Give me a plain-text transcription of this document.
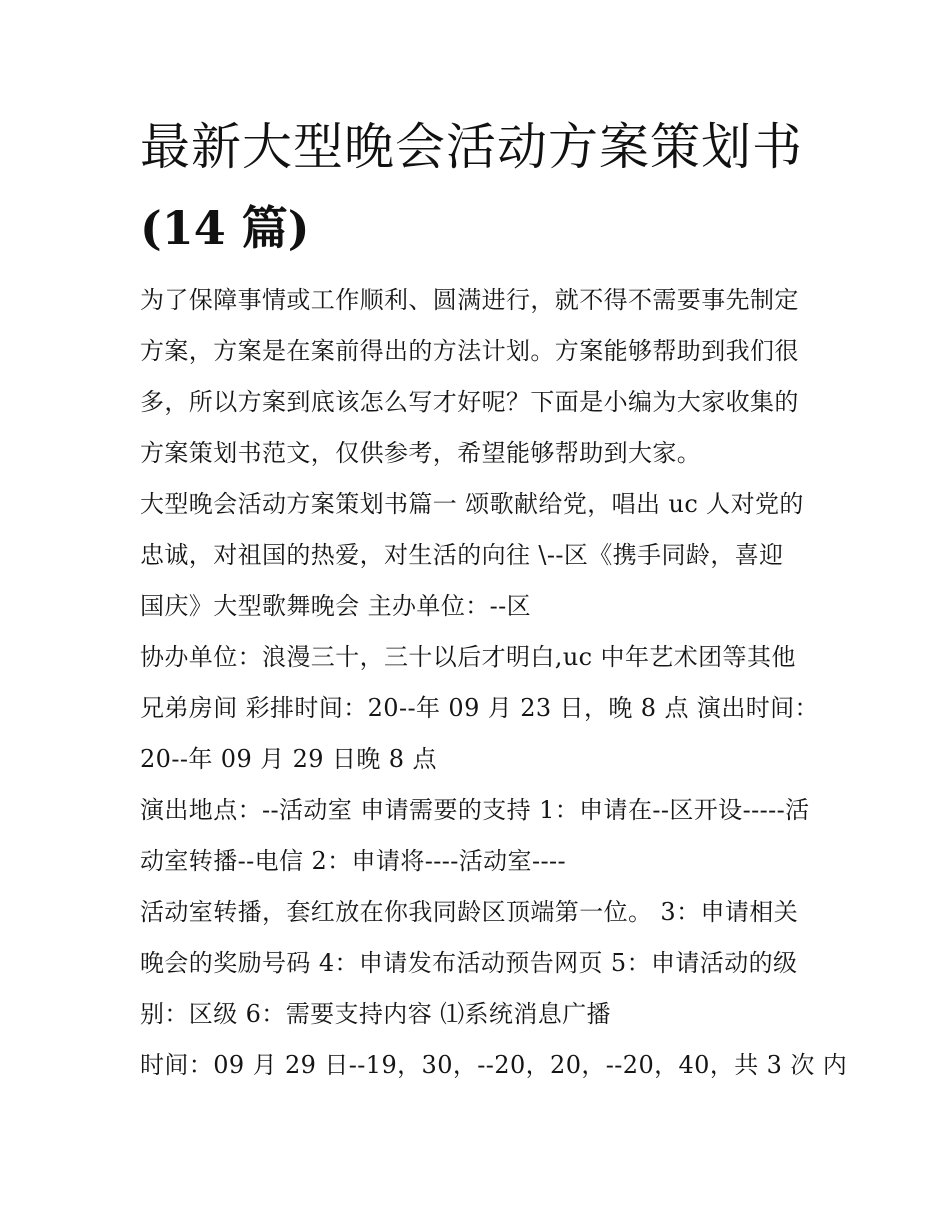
最新大型晚会活动方案策划书
(14 篇)
为了保障事情或工作顺利、圆满进行，就不得不需要事先制定
方案，方案是在案前得出的方法计划。方案能够帮助到我们很
多，所以方案到底该怎么写才好呢？下面是小编为大家收集的
方案策划书范文，仅供参考，希望能够帮助到大家。
大型晚会活动方案策划书篇一 颂歌献给党，唱出 uc 人对党的
忠诚，对祖国的热爱，对生活的向往 \--区《携手同龄，喜迎
国庆》大型歌舞晚会 主办单位：--区
协办单位：浪漫三十，三十以后才明白,uc 中年艺术团等其他
兄弟房间 彩排时间：20--年 09 月 23 日，晚 8 点 演出时间：
20--年 09 月 29 日晚 8 点
演出地点：--活动室 申请需要的支持 1：申请在--区开设-----活
动室转播--电信 2：申请将----活动室----
活动室转播，套红放在你我同龄区顶端第一位。 3：申请相关
晚会的奖励号码 4：申请发布活动预告网页 5：申请活动的级
别：区级 6：需要支持内容 ⑴系统消息广播
时间：09 月 29 日--19，30，--20，20，--20，40，共 3 次 内
